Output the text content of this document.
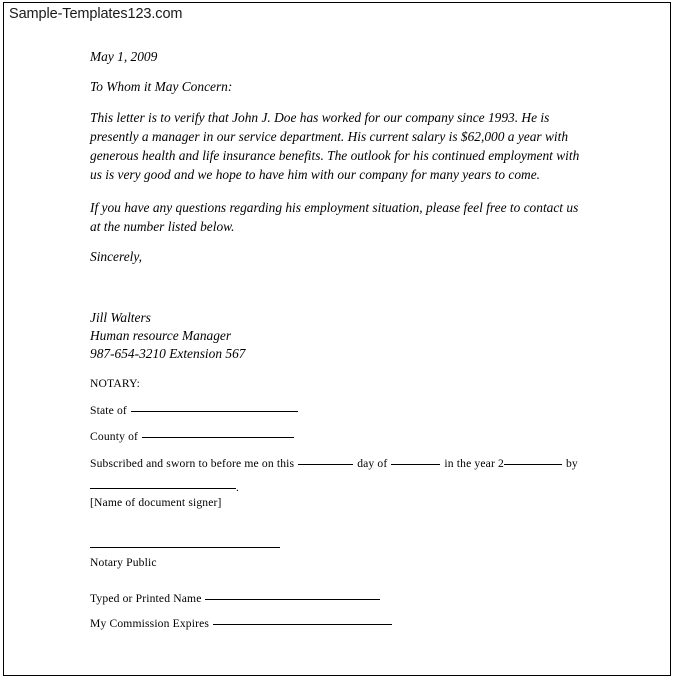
Sample-Templates123.com

May 1, 2009

To Whom it May Concern:

This letter is to verify that John J. Doe has worked for our company since 1993. He is presently a manager in our service department. His current salary is $62,000 a year with generous health and life insurance benefits. The outlook for his continued employment with us is very good and we hope to have him with our company for many years to come.

If you have any questions regarding his employment situation, please feel free to contact us at the number listed below.

Sincerely,

Jill Walters

Human resource Manager

987-654-3210 Extension 567

NOTARY:
State of
County of
Subscribed and sworn to before me on this	day of	in the year 2	by
.
[Name of document signer]
Notary Public
Typed or Printed Name
My Commission Expires
